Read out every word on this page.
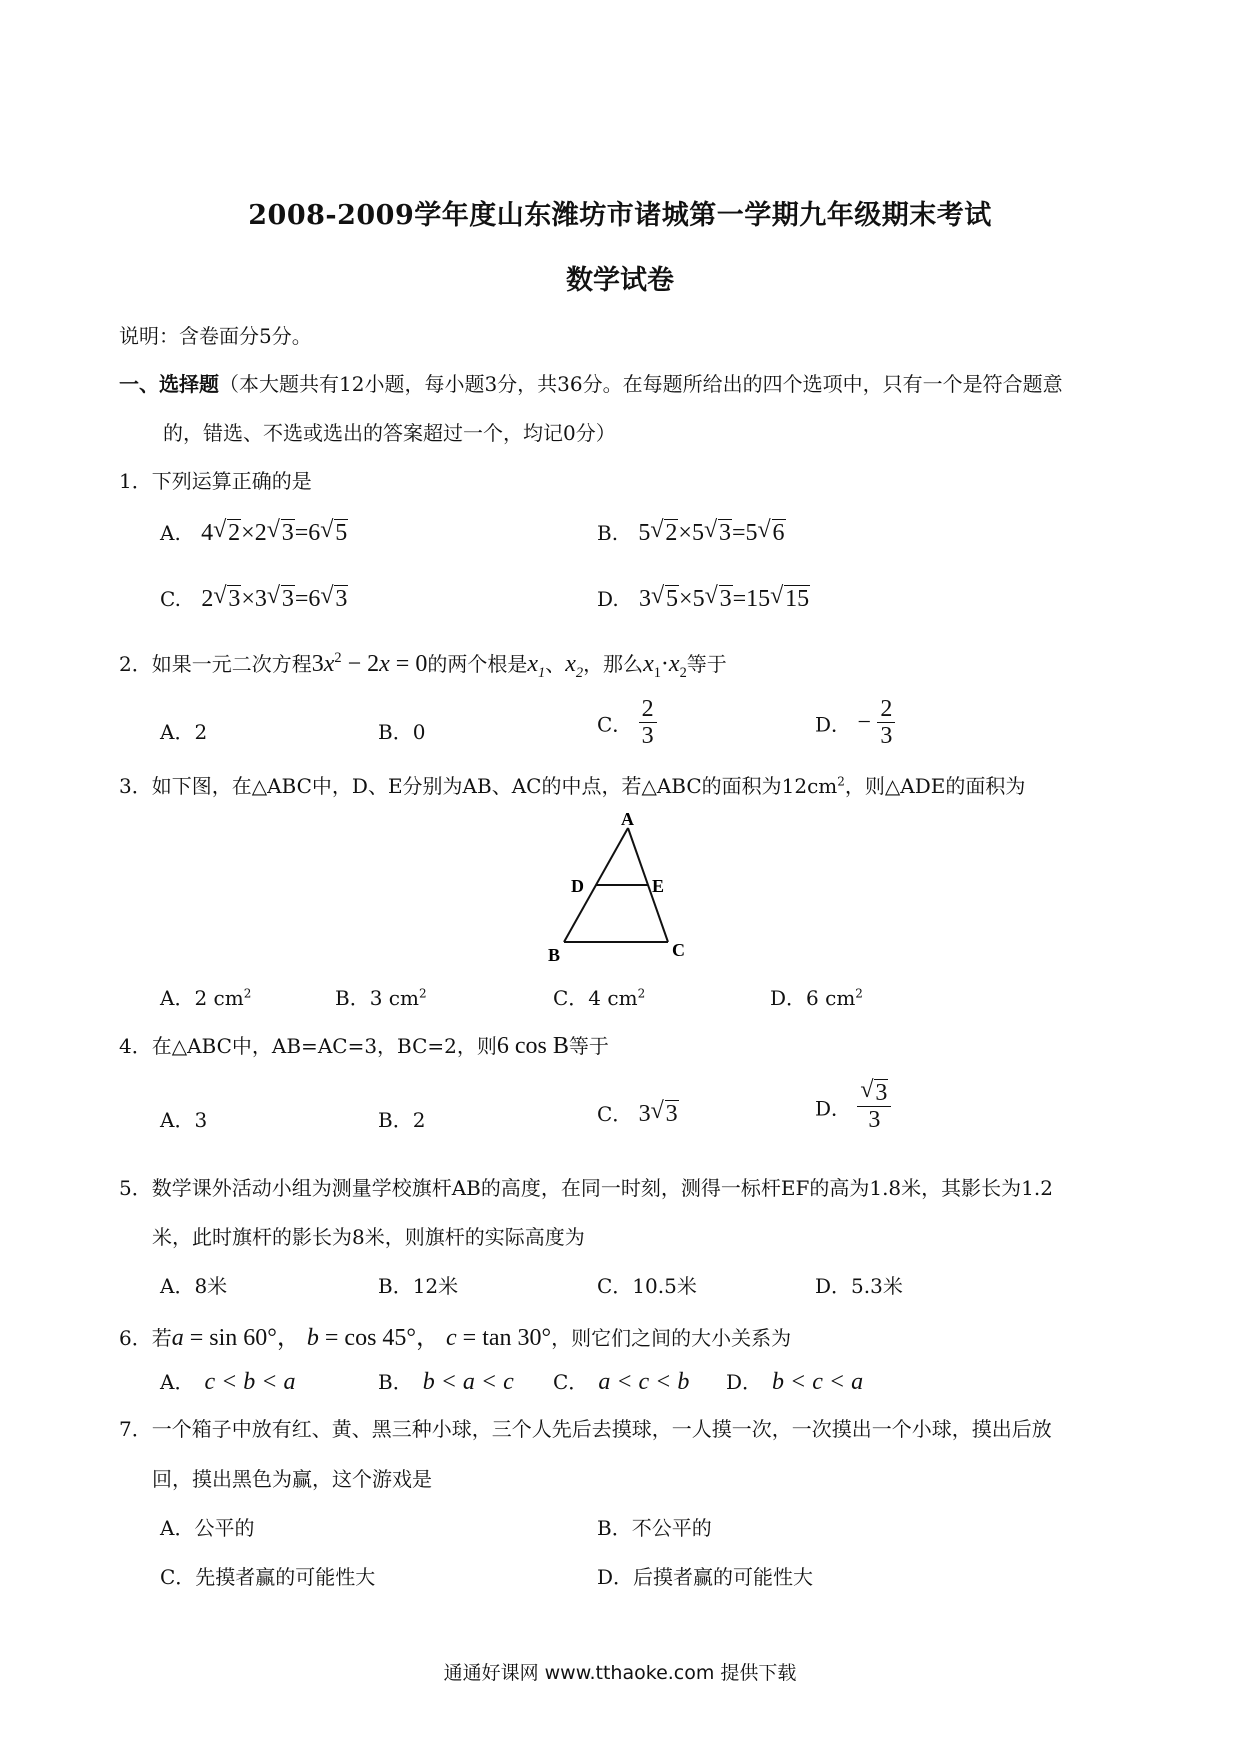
2008-2009学年度山东潍坊市诸城第一学期九年级期末考试
数学试卷
说明：含卷面分5分。
一、选择题（本大题共有12小题，每小题3分，共36分。在每题所给出的四个选项中，只有一个是符合题意
的，错选、不选或选出的答案超过一个，均记0分）
1．下列运算正确的是
A. 4 √ 2×2 √ 3=6 √ 5	B. 5 √ 2×5 √ 3=5 √ 6
C. 2 √ 3×3 √ 3=6 √ 3	D. 3 √ 5×5 √ 3=15 √ 15
2．如果一元二次方程$3x^2 - 2x = 0$的两个根是$x_1$、$x_2$，那么$x_1\cdot x_2$等于
A．2	B．0	C． $\frac{2}{3}$	D． − $\frac{2}{3}$
3．如下图，在△ABC中，D、E分别为AB、AC的中点，若△ABC的面积为$12cm^2$，则△ADE的面积为
A
D	E
B	C
A．2 $cm^2$	B．3 $cm^2$	C．4 $cm^2$	D．6 $cm^2$
4．在△ABC中，AB=AC=3，BC=2，则6 cos B等于
A．3	B．2	C． 3 √ 3	D． √ $\frac{3}{3}$
5．数学课外活动小组为测量学校旗杆AB的高度，在同一时刻，测得一标杆EF的高为1.8米，其影长为1.2
米，此时旗杆的影长为8米，则旗杆的实际高度为
A．8米	B．12米	C．10.5米	D．5.3米
6．若a = sin 60°， b = cos 45°， c = tan 30°，则它们之间的大小关系为
A． c < b < a	B． b < a < c C． a < c < b D． b < c < a
7．一个箱子中放有红、黄、黑三种小球，三个人先后去摸球，一人摸一次，一次摸出一个小球，摸出后放
回，摸出黑色为赢，这个游戏是
A．公平的	B．不公平的
C．先摸者赢的可能性大	D．后摸者赢的可能性大
通通好课网 www.tthaoke.com 提供下载
